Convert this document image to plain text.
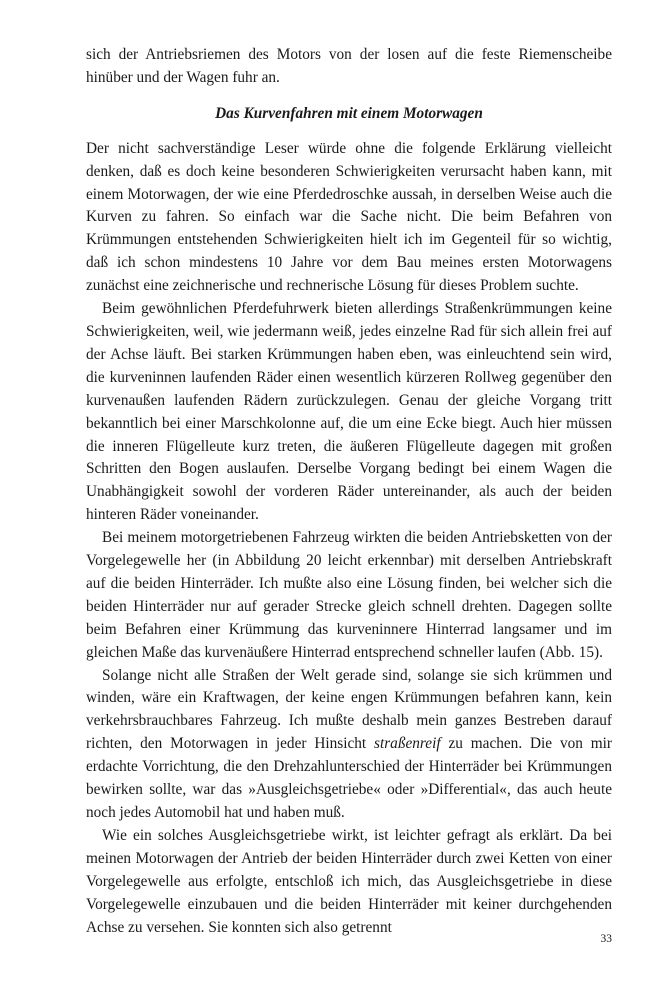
sich der Antriebsriemen des Motors von der losen auf die feste Riemenscheibe hinüber und der Wagen fuhr an.

Das Kurvenfahren mit einem Motorwagen

Der nicht sachverständige Leser würde ohne die folgende Erklärung vielleicht denken, daß es doch keine besonderen Schwierigkeiten verursacht haben kann, mit einem Motorwagen, der wie eine Pferdedroschke aussah, in derselben Weise auch die Kurven zu fahren. So einfach war die Sache nicht. Die beim Befahren von Krümmungen entstehenden Schwierigkeiten hielt ich im Gegenteil für so wichtig, daß ich schon mindestens 10 Jahre vor dem Bau meines ersten Motorwagens zunächst eine zeichnerische und rechnerische Lösung für dieses Problem suchte.

Beim gewöhnlichen Pferdefuhrwerk bieten allerdings Straßenkrümmungen keine Schwierigkeiten, weil, wie jedermann weiß, jedes einzelne Rad für sich allein frei auf der Achse läuft. Bei starken Krümmungen haben eben, was einleuchtend sein wird, die kurveninnen laufenden Räder einen wesentlich kürzeren Rollweg gegenüber den kurvenaußen laufenden Rädern zurückzulegen. Genau der gleiche Vorgang tritt bekanntlich bei einer Marschkolonne auf, die um eine Ecke biegt. Auch hier müssen die inneren Flügelleute kurz treten, die äußeren Flügelleute dagegen mit großen Schritten den Bogen auslaufen. Derselbe Vorgang bedingt bei einem Wagen die Unabhängigkeit sowohl der vorderen Räder untereinander, als auch der beiden hinteren Räder voneinander.

Bei meinem motorgetriebenen Fahrzeug wirkten die beiden Antriebsketten von der Vorgelegewelle her (in Abbildung 20 leicht erkennbar) mit derselben Antriebskraft auf die beiden Hinterräder. Ich mußte also eine Lösung finden, bei welcher sich die beiden Hinterräder nur auf gerader Strecke gleich schnell drehten. Dagegen sollte beim Befahren einer Krümmung das kurveninnere Hinterrad langsamer und im gleichen Maße das kurvenäußere Hinterrad entsprechend schneller laufen (Abb. 15).

Solange nicht alle Straßen der Welt gerade sind, solange sie sich krümmen und winden, wäre ein Kraftwagen, der keine engen Krümmungen befahren kann, kein verkehrsbrauchbares Fahrzeug. Ich mußte deshalb mein ganzes Bestreben darauf richten, den Motorwagen in jeder Hinsicht straßenreif zu machen. Die von mir erdachte Vorrichtung, die den Drehzahlunterschied der Hinterräder bei Krümmungen bewirken sollte, war das »Ausgleichsgetriebe« oder »Differential«, das auch heute noch jedes Automobil hat und haben muß.

Wie ein solches Ausgleichsgetriebe wirkt, ist leichter gefragt als erklärt. Da bei meinen Motorwagen der Antrieb der beiden Hinterräder durch zwei Ketten von einer Vorgelegewelle aus erfolgte, entschloß ich mich, das Ausgleichsgetriebe in diese Vorgelegewelle einzubauen und die beiden Hinterräder mit keiner durchgehenden Achse zu versehen. Sie konnten sich also getrennt

33
